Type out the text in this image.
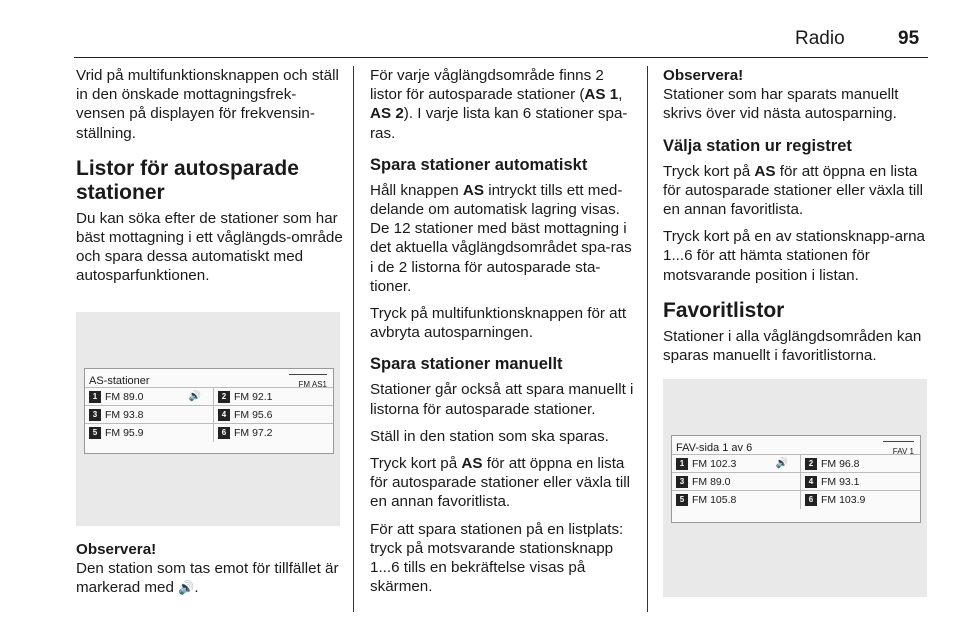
Radio	95

Vrid på multifunktionsknappen och ställ in den önskade mottagningsfrek-vensen på displayen för frekvensin-ställning.

Listor för autosparade stationer

Du kan söka efter de stationer som har bäst mottagning i ett våglängds-område och spara dessa automatiskt med autosparfunktionen.

AS-stationer	FM AS1
1 FM 89.0	🔊	2 FM 92.1
3 FM 93.8	4 FM 95.6
5 FM 95.9	6 FM 97.2

Observera!
Den station som tas emot för tillfället är markerad med 🔊.

För varje våglängdsområde finns 2 listor för autosparade stationer (AS 1, AS 2). I varje lista kan 6 stationer spa-ras.

Spara stationer automatiskt

Håll knappen AS intryckt tills ett med-delande om automatisk lagring visas. De 12 stationer med bäst mottagning i det aktuella våglängdsområdet spa-ras i de 2 listorna för autosparade sta-tioner.

Tryck på multifunktionsknappen för att avbryta autosparningen.

Spara stationer manuellt

Stationer går också att spara manuellt i listorna för autosparade stationer.

Ställ in den station som ska sparas.

Tryck kort på AS för att öppna en lista för autosparade stationer eller växla till en annan favoritlista.

För att spara stationen på en listplats: tryck på motsvarande stationsknapp 1...6 tills en bekräftelse visas på skärmen.

Observera!
Stationer som har sparats manuellt skrivs över vid nästa autosparning.

Välja station ur registret

Tryck kort på AS för att öppna en lista för autosparade stationer eller växla till en annan favoritlista.

Tryck kort på en av stationsknapp-arna 1...6 för att hämta stationen för motsvarande position i listan.

Favoritlistor

Stationer i alla våglängdsområden kan sparas manuellt i favoritlistorna.

FAV-sida 1 av 6	FAV 1
1 FM 102.3	🔊	2 FM 96.8
3 FM 89.0	4 FM 93.1
5 FM 105.8	6 FM 103.9
